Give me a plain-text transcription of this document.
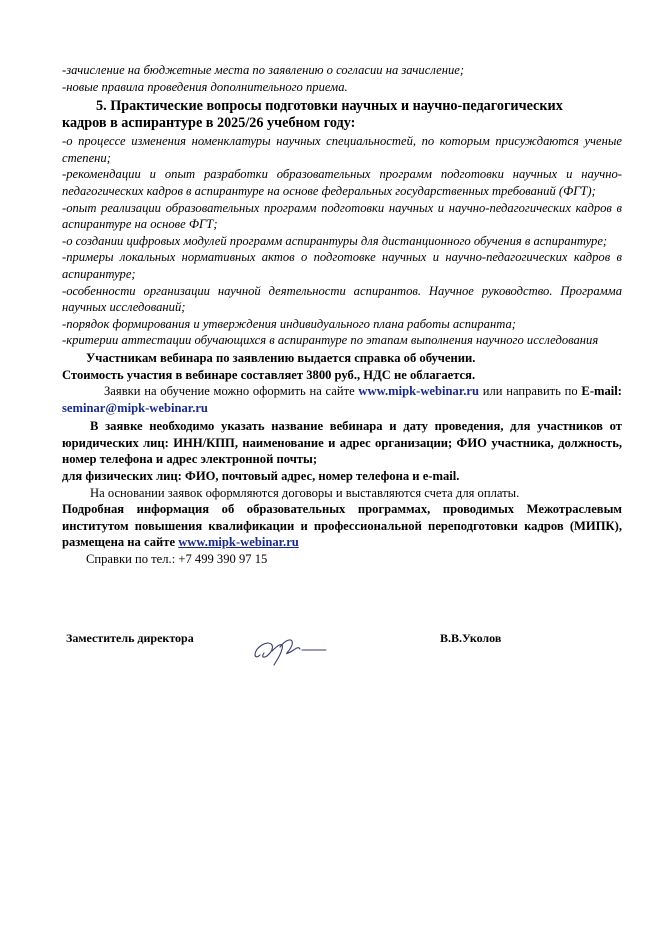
-зачисление на бюджетные места по заявлению о согласии на зачисление;

-новые правила проведения дополнительного приема.

5. Практические вопросы подготовки научных и научно-педагогических
кадров в аспирантуре в 2025/26 учебном году:

-о процессе изменения номенклатуры научных специальностей, по которым присуждаются ученые степени;

-рекомендации и опыт разработки образовательных программ подготовки научных и научно-педагогических кадров в аспирантуре на основе федеральных государственных требований (ФГТ);

-опыт реализации образовательных программ подготовки научных и научно-педагогических кадров в аспирантуре на основе ФГТ;

-о создании цифровых модулей программ аспирантуры для дистанционного обучения в аспирантуре;

-примеры локальных нормативных актов о подготовке научных и научно-педагогических кадров в аспирантуре;

-особенности организации научной деятельности аспирантов. Научное руководство. Программа научных исследований;

-порядок формирования и утверждения индивидуального плана работы аспиранта;

-критерии аттестации обучающихся в аспирантуре по этапам выполнения научного исследования

Участникам вебинара по заявлению выдается справка об обучении.

Стоимость участия в вебинаре составляет 3800 руб., НДС не облагается.

Заявки на обучение можно оформить на сайте www.mipk-webinar.ru или направить по E-mail: seminar@mipk-webinar.ru

В заявке необходимо указать название вебинара и дату проведения, для участников от юридических лиц: ИНН/КПП, наименование и адрес организации; ФИО участника, должность, номер телефона и адрес электронной почты;

для физических лиц: ФИО, почтовый адрес, номер телефона и e-mail.

На основании заявок оформляются договоры и выставляются счета для оплаты.

Подробная информация об образовательных программах, проводимых Межотраслевым институтом повышения квалификации и профессиональной переподготовки кадров (МИПК), размещена на сайте www.mipk-webinar.ru

Справки по тел.: +7 499 390 97 15

Заместитель директора	В.В.Уколов
